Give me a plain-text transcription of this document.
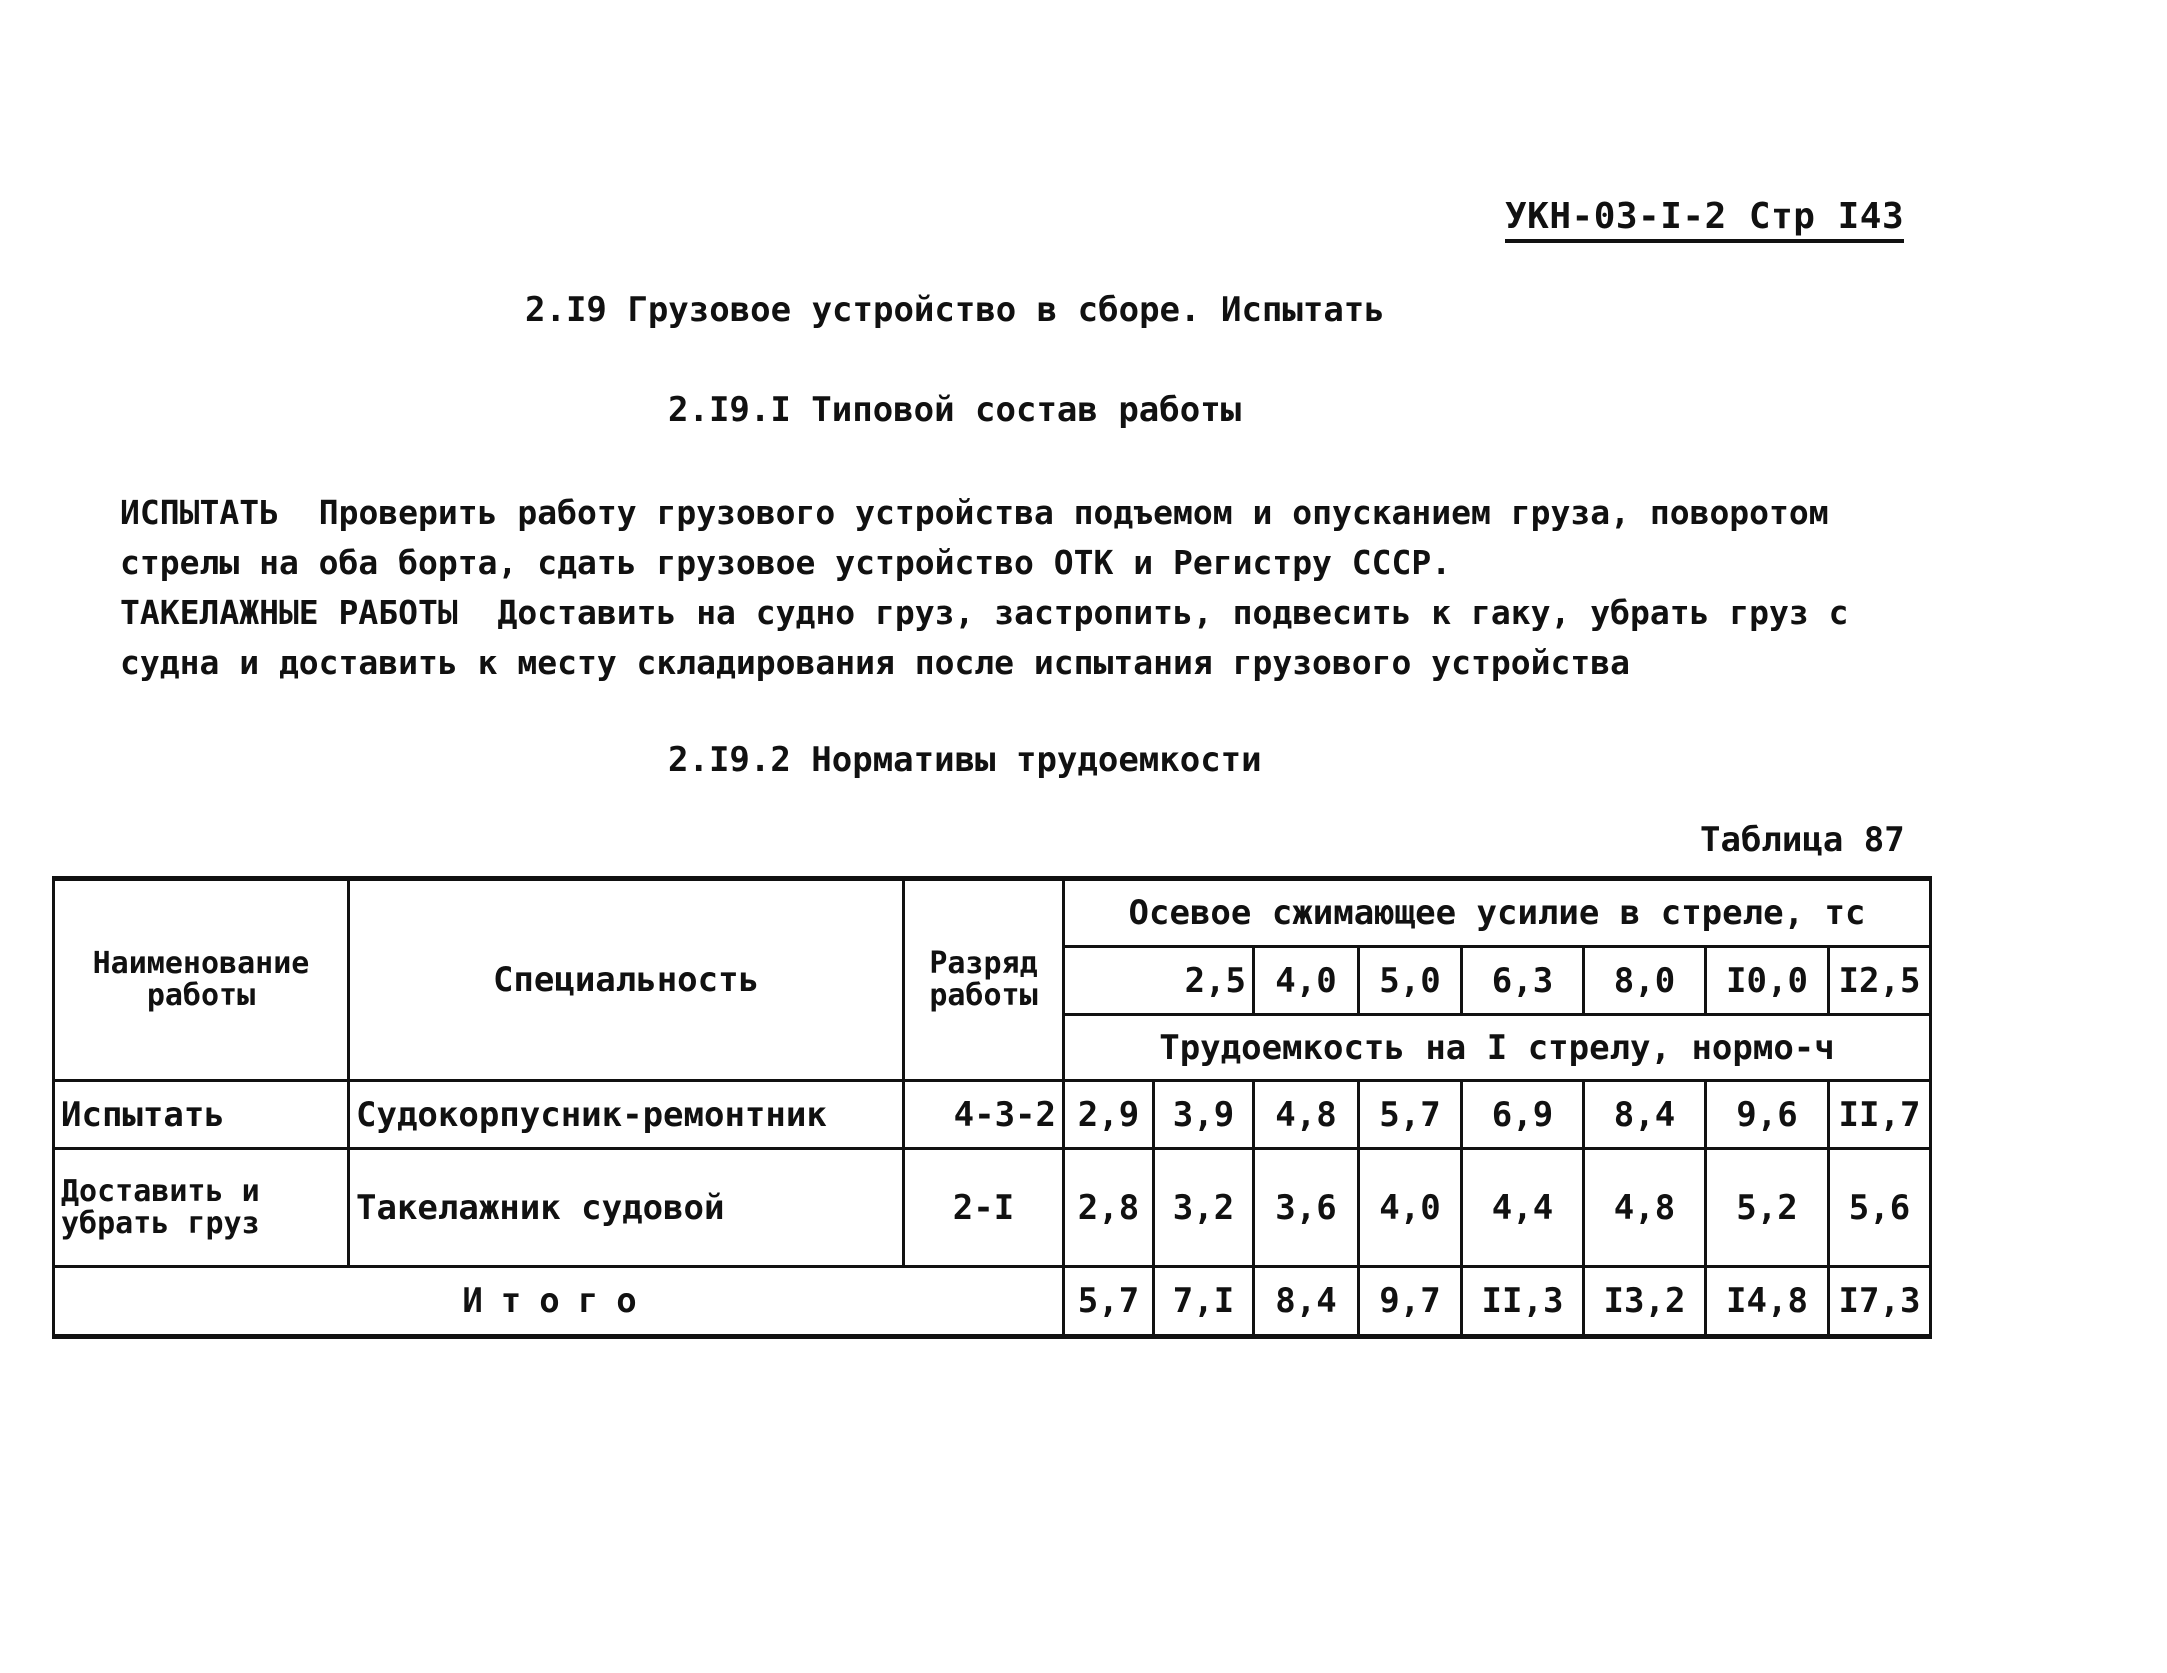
УКН-03-I-2 Стр I43
2.I9 Грузовое устройство в сборе. Испытать
2.I9.I Типовой состав работы
ИСПЫТАТЬ Проверить работу грузового устройства подъемом и опусканием груза, поворотом
стрелы на оба борта, сдать грузовое устройство ОТК и Регистру СССР.
ТАКЕЛАЖНЫЕ РАБОТЫ Доставить на судно груз, застропить, подвесить к гаку, убрать груз с
судна и доставить к месту складирования после испытания грузового устройства
2.I9.2 Нормативы трудоемкости
Таблица 87
Наименование работы	Специальность	Разряд работы	Осевое сжимающее усилие в стреле, тс							
			2,5		4,0	5,0	6,3	8,0	I0,0	I2,5
			Трудоемкость на I стрелу, нормо-ч							
Испытать	Судокорпусник-ремонтник	4-3-2	2,9	3,9	4,8	5,7	6,9	8,4	9,6	II,7
Доставить и убрать груз	Такелажник судовой	2-I	2,8	3,2	3,6	4,0	4,4	4,8	5,2	5,6
Итого			5,7	7,I	8,4	9,7	II,3	I3,2	I4,8	I7,3
